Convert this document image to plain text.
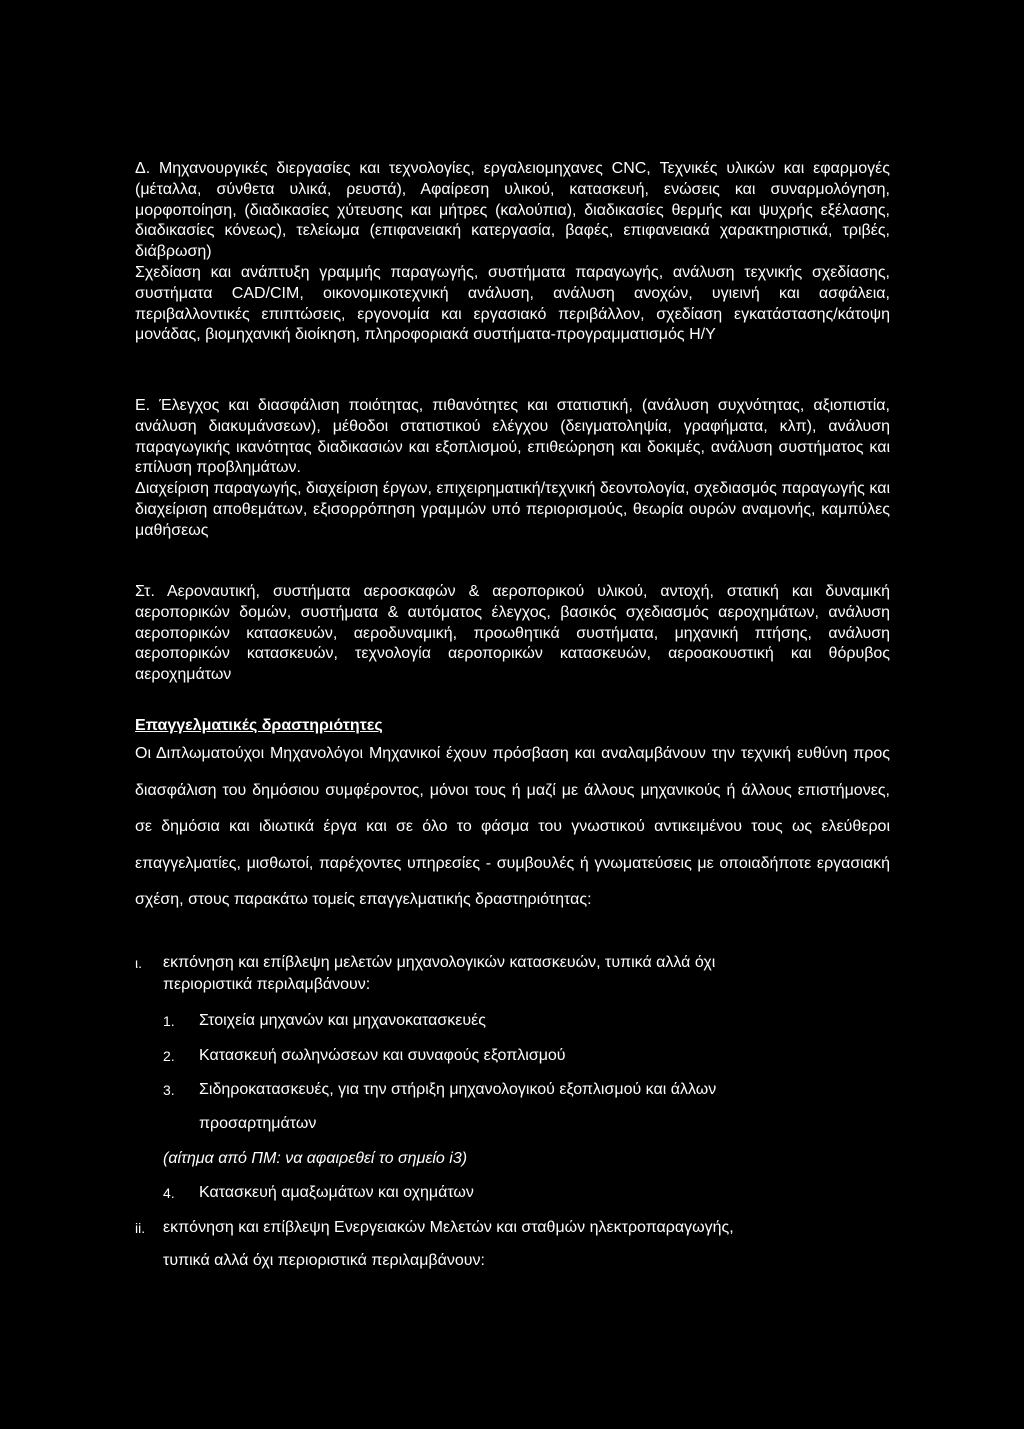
Δ. Μηχανουργικές διεργασίες και τεχνολογίες, εργαλειομηχανες CNC, Τεχνικές υλικών και εφαρμογές (μέταλλα, σύνθετα υλικά, ρευστά), Αφαίρεση υλικού, κατασκευή, ενώσεις και συναρμολόγηση, μορφοποίηση, (διαδικασίες χύτευσης και μήτρες (καλούπια), διαδικασίες θερμής και ψυχρής εξέλασης, διαδικασίες κόνεως), τελείωμα (επιφανειακή κατεργασία, βαφές, επιφανειακά χαρακτηριστικά, τριβές, διάβρωση)

Σχεδίαση και ανάπτυξη γραμμής παραγωγής, συστήματα παραγωγής, ανάλυση τεχνικής σχεδίασης, συστήματα CAD/CIM, οικονομικοτεχνική ανάλυση, ανάλυση ανοχών, υγιεινή και ασφάλεια, περιβαλλοντικές επιπτώσεις, εργονομία και εργασιακό περιβάλλον, σχεδίαση εγκατάστασης/κάτοψη μονάδας, βιομηχανική διοίκηση, πληροφοριακά συστήματα-προγραμματισμός Η/Υ

Ε. Έλεγχος και διασφάλιση ποιότητας, πιθανότητες και στατιστική, (ανάλυση συχνότητας, αξιοπιστία, ανάλυση διακυμάνσεων), μέθοδοι στατιστικού ελέγχου (δειγματοληψία, γραφήματα, κλπ), ανάλυση παραγωγικής ικανότητας διαδικασιών και εξοπλισμού, επιθεώρηση και δοκιμές, ανάλυση συστήματος και επίλυση προβλημάτων.

Διαχείριση παραγωγής, διαχείριση έργων, επιχειρηματική/τεχνική δεοντολογία, σχεδιασμός παραγωγής και διαχείριση αποθεμάτων, εξισορρόπηση γραμμών υπό περιορισμούς, θεωρία ουρών αναμονής, καμπύλες μαθήσεως

Στ. Αεροναυτική, συστήματα αεροσκαφών & αεροπορικού υλικού, αντοχή, στατική και δυναμική αεροπορικών δομών, συστήματα & αυτόματος έλεγχος, βασικός σχεδιασμός αεροχημάτων, ανάλυση αεροπορικών κατασκευών, αεροδυναμική, προωθητικά συστήματα, μηχανική πτήσης, ανάλυση αεροπορικών κατασκευών, τεχνολογία αεροπορικών κατασκευών, αεροακουστική και θόρυβος αεροχημάτων

Επαγγελματικές δραστηριότητες

Οι Διπλωματούχοι Μηχανολόγοι Μηχανικοί έχουν πρόσβαση και αναλαμβάνουν την τεχνική ευθύνη προς διασφάλιση του δημόσιου συμφέροντος, μόνοι τους ή μαζί με άλλους μηχανικούς ή άλλους επιστήμονες, σε δημόσια και ιδιωτικά έργα και σε όλο το φάσμα του γνωστικού αντικειμένου τους ως ελεύθεροι επαγγελματίες, μισθωτοί, παρέχοντες υπηρεσίες - συμβουλές ή γνωματεύσεις με οποιαδήποτε εργασιακή σχέση, στους παρακάτω τομείς επαγγελματικής δραστηριότητας:

ι. εκπόνηση και επίβλεψη μελετών μηχανολογικών κατασκευών, τυπικά αλλά όχι

περιοριστικά περιλαμβάνουν:

1. Στοιχεία μηχανών και μηχανοκατασκευές

2. Κατασκευή σωληνώσεων και συναφούς εξοπλισμού

3. Σιδηροκατασκευές, για την στήριξη μηχανολογικού εξοπλισμού και άλλων

προσαρτημάτων

(αίτημα από ΠΜ: να αφαιρεθεί το σημείο i3)

4. Κατασκευή αμαξωμάτων και οχημάτων

ii. εκπόνηση και επίβλεψη Ενεργειακών Μελετών και σταθμών ηλεκτροπαραγωγής,

τυπικά αλλά όχι περιοριστικά περιλαμβάνουν:
